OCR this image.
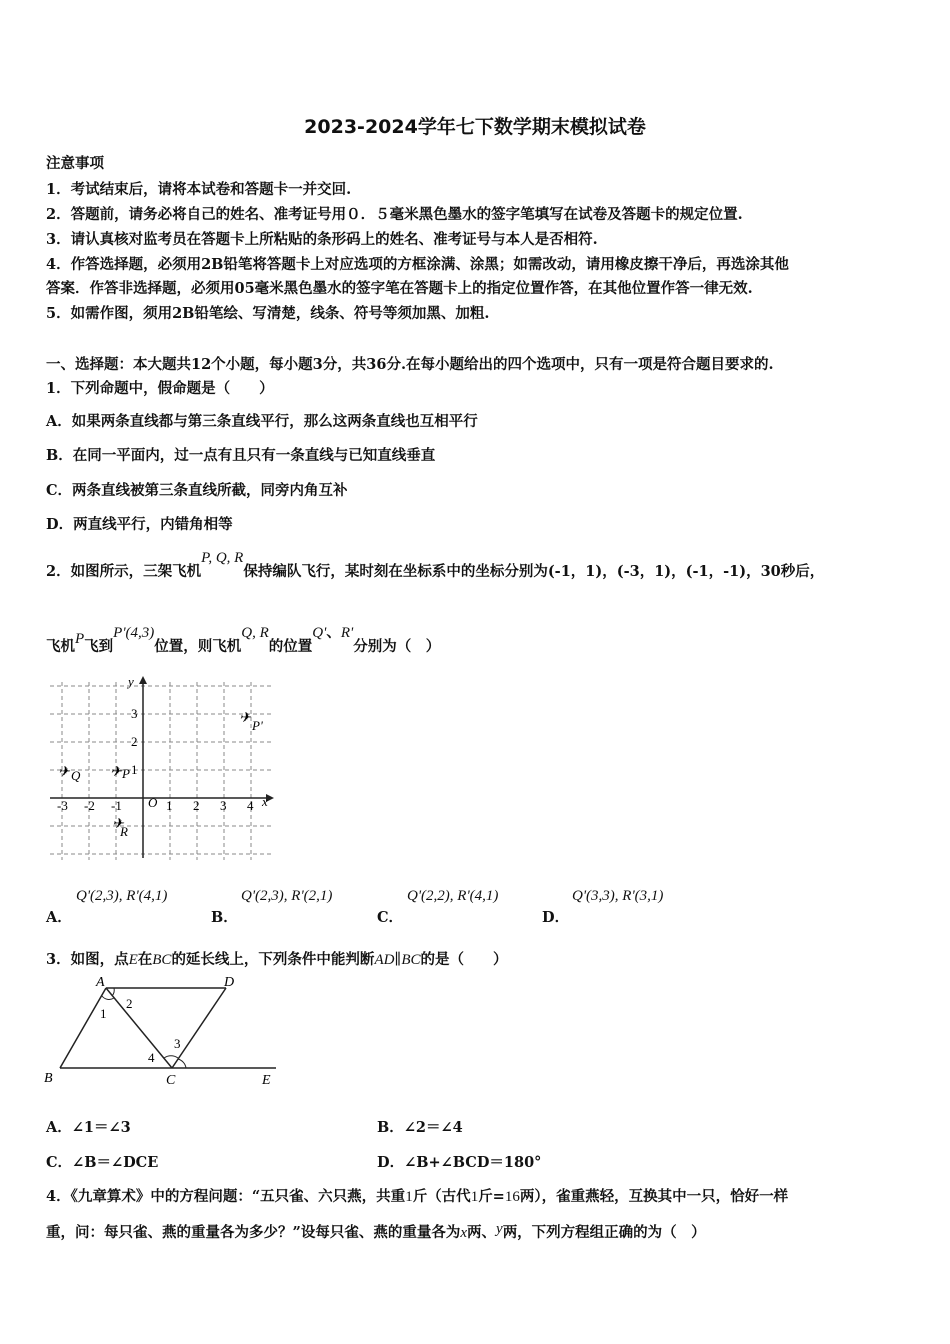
2023-2024学年七下数学期末模拟试卷
注意事项
1．考试结束后，请将本试卷和答题卡一并交回.
2．答题前，请务必将自己的姓名、准考证号用０．５毫米黑色墨水的签字笔填写在试卷及答题卡的规定位置.
3．请认真核对监考员在答题卡上所粘贴的条形码上的姓名、准考证号与本人是否相符.
4．作答选择题，必须用2B铅笔将答题卡上对应选项的方框涂满、涂黑；如需改动，请用橡皮擦干净后，再选涂其他
答案．作答非选择题，必须用05毫米黑色墨水的签字笔在答题卡上的指定位置作答，在其他位置作答一律无效.
5．如需作图，须用2B铅笔绘、写清楚，线条、符号等须加黑、加粗.
一、选择题：本大题共12个小题，每小题3分，共36分.在每小题给出的四个选项中，只有一项是符合题目要求的.
1．下列命题中，假命题是（　　）
A．如果两条直线都与第三条直线平行，那么这两条直线也互相平行
B．在同一平面内，过一点有且只有一条直线与已知直线垂直
C．两条直线被第三条直线所截，同旁内角互补
D．两直线平行，内错角相等
2．如图所示，三架飞机P, Q, R保持编队飞行，某时刻在坐标系中的坐标分别为(-1，1)，(-3，1)，(-1，-1)，30秒后，
飞机P飞到P'(4,3)位置，则飞机Q, R的位置Q'、R'分别为（　）
x
y
O
-3 -2 -1	1 2 3 4
3
2
1
✈ Q ✈ P
✈
R
✈ P'
A．
Q'(2,3), R'(4,1)
B．
Q'(2,3), R'(2,1)
C．
Q'(2,2), R'(4,1)
D．
Q'(3,3), R'(3,1)
3．如图，点E在BC的延长线上，下列条件中能判断AD∥BC的是（　　）
A	D
B	C	E
1
2
3
4
A．∠1＝∠3	B．∠2＝∠4
C．∠B＝∠DCE	D．∠B+∠BCD＝180°
4．《九章算术》中的方程问题：“五只雀、六只燕，共重1斤（古代1斤=16两），雀重燕轻，互换其中一只，恰好一样
重，问：每只雀、燕的重量各为多少？”设每只雀、燕的重量各为x两、y两，下列方程组正确的为（　）
